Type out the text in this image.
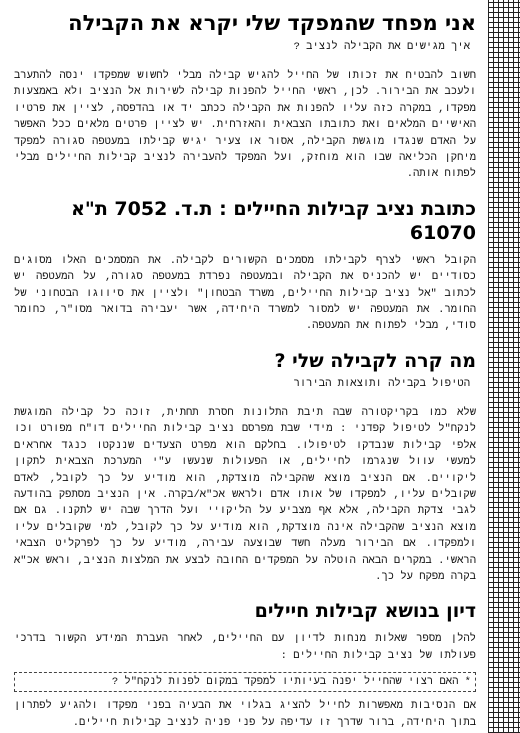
אני מפחד שהמפקד שלי יקרא את הקבילה
איך מגישים את הקבילה לנציב ?

חשוב להבטיח את זכותו של החייל להגיש קבילה מבלי לחשוש שמפקדו ינסה להתערב ולעכב את הבירור. לכן, ראשי החייל להפנות קבילה לשירות אל הנציב ולא באמצעות מפקדו, במקרה כזה עליו להפנות את הקבילה ככתב יד או בהדפסה, לציין את פרטיו האישיים המלאים ואת כתובתו הצבאית והאזרחית. יש לציין פרטים מלאים ככל האפשר על האדם שנגדו מוגשת הקבילה, אסור או צעיר יגיש קבילתו במעטפה סגורה למפקד מיחקן הכליאה שבו הוא מוחזק, ועל המפקד להעבירה לנציב קבילות החיילים מבלי לפתוח אותה.

כתובת נציב קבילות החיילים : ת.ד. 7052 ת"א 61070

הקובל ראשי לצרף לקבילתו מסמכים הקשורים לקבילה. את המסמכים האלו מסוגים כסודיים יש להכניס את הקבילה ובמעטפה נפרדת במעטפה סגורה, על המעטפה יש לכתוב "אל נציב קבילות החיילים, משרד הבטחון" ולציין את סיווגו הבטחוני של החומר. את המעטפה יש למסור למשרד היחידה, אשר יעבירה בדואר מסו"ר, כחומר סודי, מבלי לפתוח את המעטפה.

מה קרה לקבילה שלי ?
הטיפול בקבילה ותוצאות הבירור

שלא כמו בקריקטורה שבה תיבת התלונות חסרת תחתית, זוכה כל קבילה המוגשת לנקח"ל לטיפול קפדני : מידי שבת מפרסם נציב קבילות החיילים דו"ח מפורט וכו אלפי קבילות שנבדקו לטיפולו. בחלקם הוא מפרט הצעדים שננקטו כנגד אחראים למעשי עוול שנגרמו לחיילים, או הפעולות שנעשו ע"י המערכת הצבאית לתקון ליקויים. אם הנציב מוצא שהקבילה מוצדקת, הוא מודיע על כך לקובל, לאדם שקובלים עליו, למפקדו של אותו אדם ולראש אכ"א/בקרה. אין הנציב מסתפק בהודעה לגבי צדקת הקבילה, אלא אף מצביע על הליקויי ועל הדרך שבה יש לתקנו. גם אם מוצא הנציב שהקבילה אינה מוצדקת, הוא מודיע על כך לקובל, למי שקובלים עליו ולמפקדו. אם הבירור מעלה חשד שבוצעה עבירה, מודיע על כך לפרקליט הצבאי הראשי. במקרים הבאה הוטלה על המפקדים החובה לבצע את המלצות הנציב, וראש אכ"א בקרה מפקח על כך.

דיון בנושא קבילות חיילים

להלן מספר שאלות מנחות לדיון עם החיילים, לאחר העברת המידע הקשור בדרכי פעולתו של נציב קבילות החיילים :

* האם רצוי שהחייל יפנה בעיותיו למפקד במקום לפנות לנקח"ל ?

אם הנסיבות מאפשרות לחייל להציג בגלוי את הבעיה בפני מפקדו ולהגיע לפתרון בתוך היחידה, ברור שדרך זו עדיפה על פני פניה לנציב קבילות חיילים.
